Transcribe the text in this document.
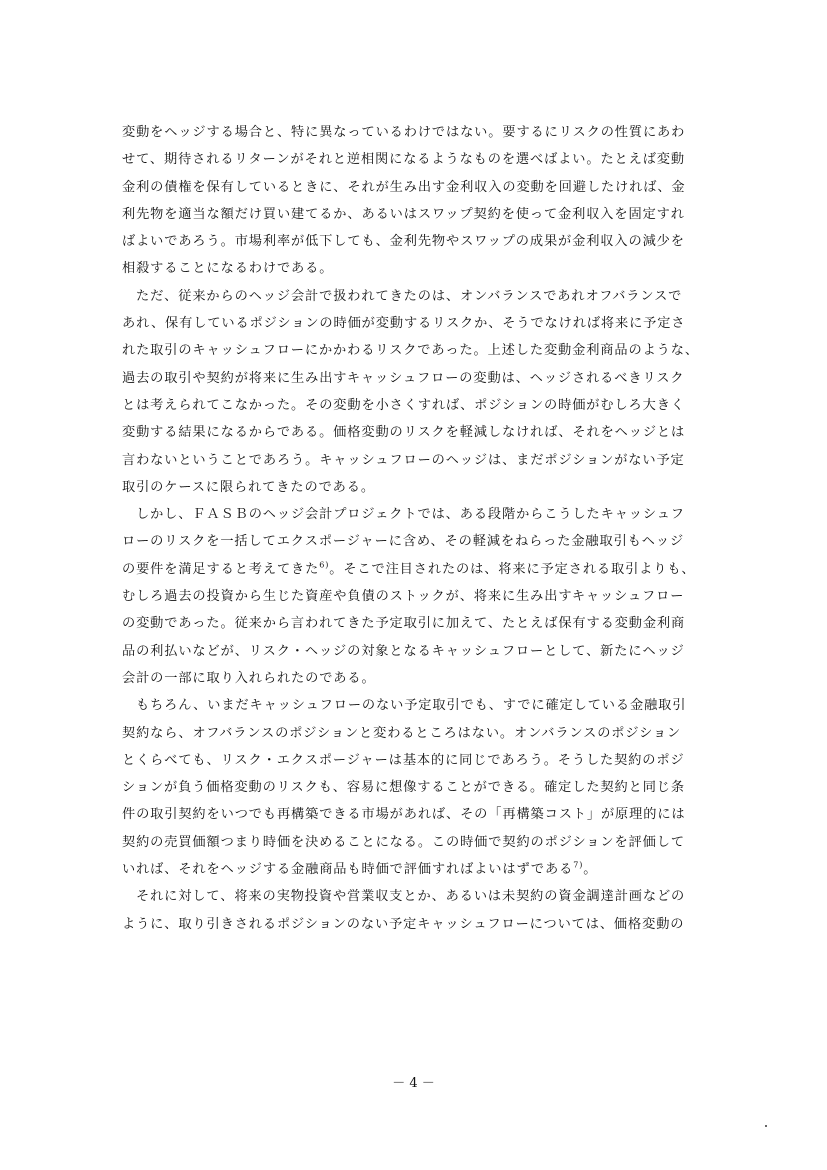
変動をヘッジする場合と、特に異なっているわけではない。要するにリスクの性質にあわ
せて、期待されるリターンがそれと逆相関になるようなものを選べばよい。たとえば変動
金利の債権を保有しているときに、それが生み出す金利収入の変動を回避したければ、金
利先物を適当な額だけ買い建てるか、あるいはスワップ契約を使って金利収入を固定すれ
ばよいであろう。市場利率が低下しても、金利先物やスワップの成果が金利収入の減少を
相殺することになるわけである。
ただ、従来からのヘッジ会計で扱われてきたのは、オンバランスであれオフバランスで
あれ、保有しているポジションの時価が変動するリスクか、そうでなければ将来に予定さ
れた取引のキャッシュフローにかかわるリスクであった。上述した変動金利商品のような、
過去の取引や契約が将来に生み出すキャッシュフローの変動は、ヘッジされるべきリスク
とは考えられてこなかった。その変動を小さくすれば、ポジションの時価がむしろ大きく
変動する結果になるからである。価格変動のリスクを軽減しなければ、それをヘッジとは
言わないということであろう。キャッシュフローのヘッジは、まだポジションがない予定
取引のケースに限られてきたのである。
しかし、ＦＡＳＢのヘッジ会計プロジェクトでは、ある段階からこうしたキャッシュフ
ローのリスクを一括してエクスポージャーに含め、その軽減をねらった金融取引もヘッジ
の要件を満足すると考えてきた$^{6)}$。そこで注目されたのは、将来に予定される取引よりも、
むしろ過去の投資から生じた資産や負債のストックが、将来に生み出すキャッシュフロー
の変動であった。従来から言われてきた予定取引に加えて、たとえば保有する変動金利商
品の利払いなどが、リスク・ヘッジの対象となるキャッシュフローとして、新たにヘッジ
会計の一部に取り入れられたのである。
もちろん、いまだキャッシュフローのない予定取引でも、すでに確定している金融取引
契約なら、オフバランスのポジションと変わるところはない。オンバランスのポジション
とくらべても、リスク・エクスポージャーは基本的に同じであろう。そうした契約のポジ
ションが負う価格変動のリスクも、容易に想像することができる。確定した契約と同じ条
件の取引契約をいつでも再構築できる市場があれば、その「再構築コスト」が原理的には
契約の売買価額つまり時価を決めることになる。この時価で契約のポジションを評価して
いれば、それをヘッジする金融商品も時価で評価すればよいはずである$^{7)}$。
それに対して、将来の実物投資や営業収支とか、あるいは未契約の資金調達計画などの
ように、取り引きされるポジションのない予定キャッシュフローについては、価格変動の
－ 4 －
